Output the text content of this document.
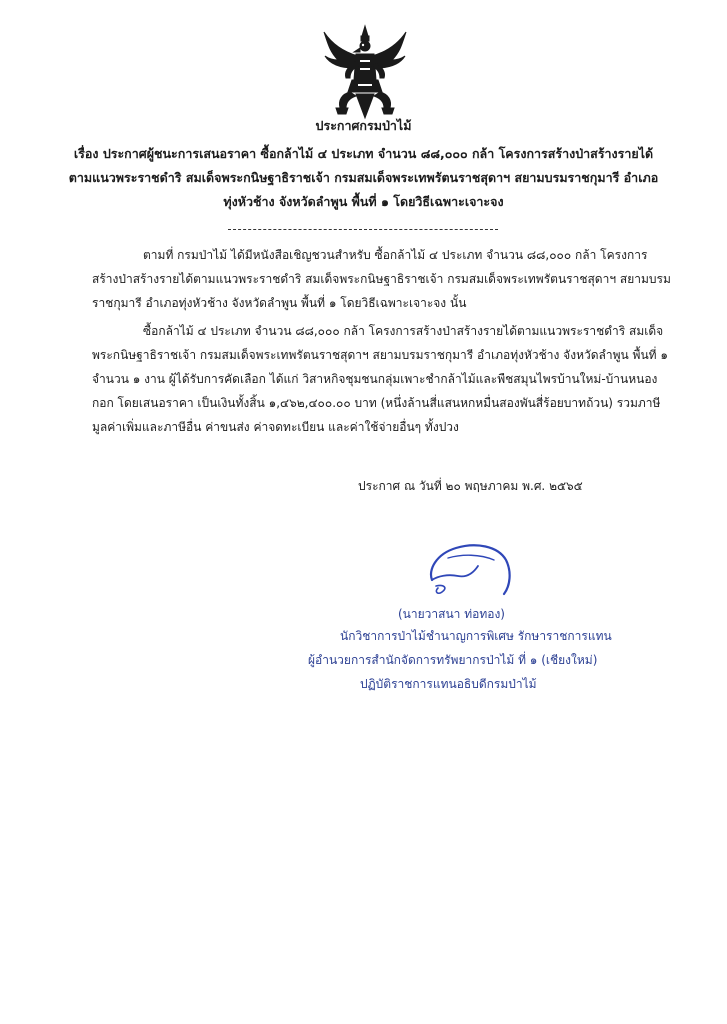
ประกาศกรมป่าไม้
เรื่อง ประกาศผู้ชนะการเสนอราคา ซื้อกล้าไม้ ๔ ประเภท จำนวน ๘๘,๐๐๐ กล้า โครงการสร้างป่าสร้างรายได้
ตามแนวพระราชดำริ สมเด็จพระกนิษฐาธิราชเจ้า กรมสมเด็จพระเทพรัตนราชสุดาฯ สยามบรมราชกุมารี อำเภอ
ทุ่งหัวช้าง จังหวัดลำพูน พื้นที่ ๑ โดยวิธีเฉพาะเจาะจง
ตามที่ กรมป่าไม้ ได้มีหนังสือเชิญชวนสำหรับ ซื้อกล้าไม้ ๔ ประเภท จำนวน ๘๘,๐๐๐ กล้า โครงการ
สร้างป่าสร้างรายได้ตามแนวพระราชดำริ สมเด็จพระกนิษฐาธิราชเจ้า กรมสมเด็จพระเทพรัตนราชสุดาฯ สยามบรม
ราชกุมารี อำเภอทุ่งหัวช้าง จังหวัดลำพูน พื้นที่ ๑ โดยวิธีเฉพาะเจาะจง นั้น
ซื้อกล้าไม้ ๔ ประเภท จำนวน ๘๘,๐๐๐ กล้า โครงการสร้างป่าสร้างรายได้ตามแนวพระราชดำริ สมเด็จ
พระกนิษฐาธิราชเจ้า กรมสมเด็จพระเทพรัตนราชสุดาฯ สยามบรมราชกุมารี อำเภอทุ่งหัวช้าง จังหวัดลำพูน พื้นที่ ๑
จำนวน ๑ งาน ผู้ได้รับการคัดเลือก ได้แก่ วิสาหกิจชุมชนกลุ่มเพาะชำกล้าไม้และพืชสมุนไพรบ้านใหม่-บ้านหนอง
กอก โดยเสนอราคา เป็นเงินทั้งสิ้น ๑,๔๖๒,๔๐๐.๐๐ บาท (หนึ่งล้านสี่แสนหกหมื่นสองพันสี่ร้อยบาทถ้วน) รวมภาษี
มูลค่าเพิ่มและภาษีอื่น ค่าขนส่ง ค่าจดทะเบียน และค่าใช้จ่ายอื่นๆ ทั้งปวง
ประกาศ ณ วันที่ ๒๐ พฤษภาคม พ.ศ. ๒๕๖๕
(นายวาสนา ท่อทอง)
นักวิชาการป่าไม้ชำนาญการพิเศษ รักษาราชการแทน
ผู้อำนวยการสำนักจัดการทรัพยากรป่าไม้ ที่ ๑ (เชียงใหม่)
ปฏิบัติราชการแทนอธิบดีกรมป่าไม้
